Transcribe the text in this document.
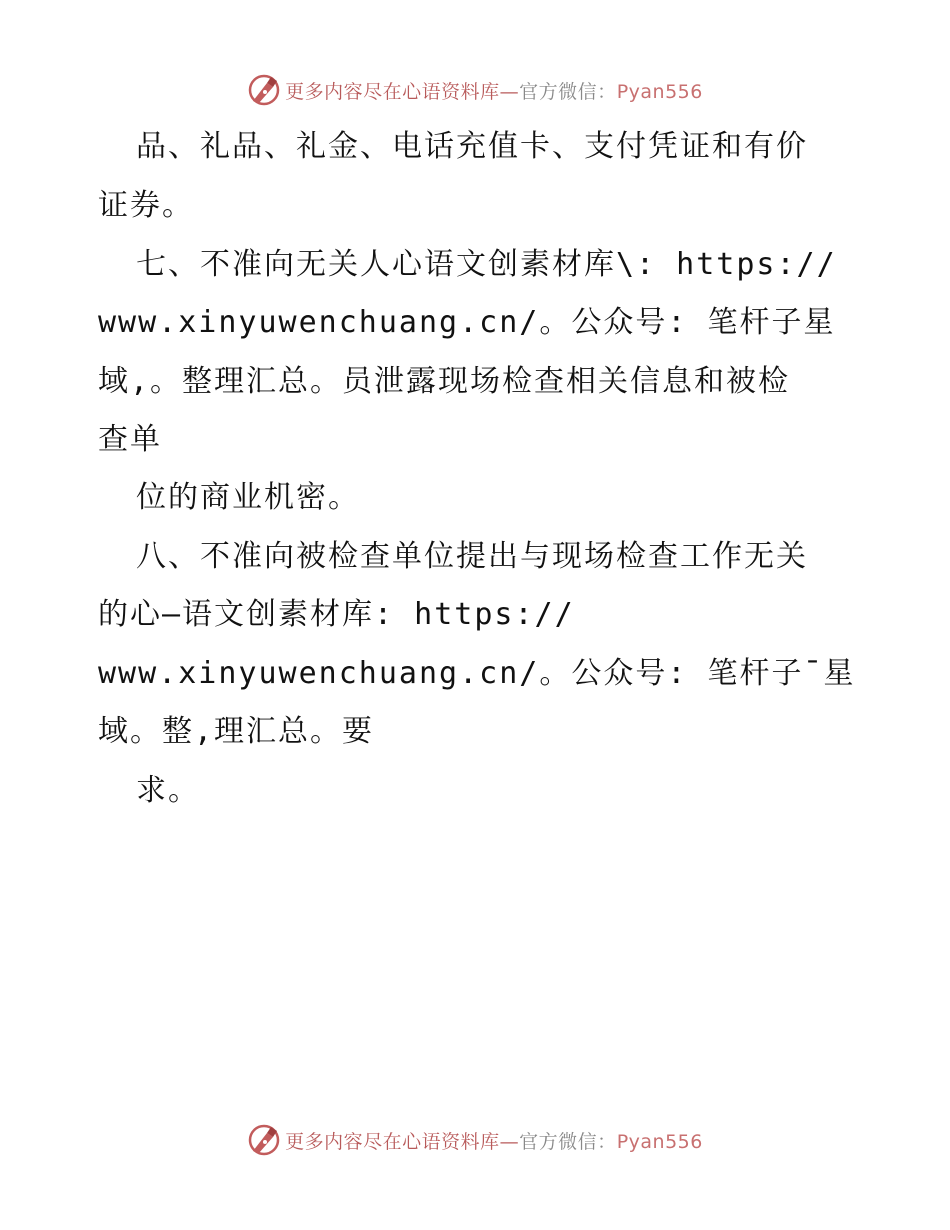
更多内容尽在心语资料库—官方微信：Pyan556
品、礼品、礼金、电话充值卡、支付凭证和有价
证券。
七、不准向无关人心语文创素材库\: https://
www.xinyuwenchuang.cn/。公众号: 笔杆子星
域,。整理汇总。员泄露现场检查相关信息和被检
查单
位的商业机密。
八、不准向被检查单位提出与现场检查工作无关
的心—语文创素材库: https://
www.xinyuwenchuang.cn/。公众号: 笔杆子¯星
域。整,理汇总。要
求。
更多内容尽在心语资料库—官方微信：Pyan556
